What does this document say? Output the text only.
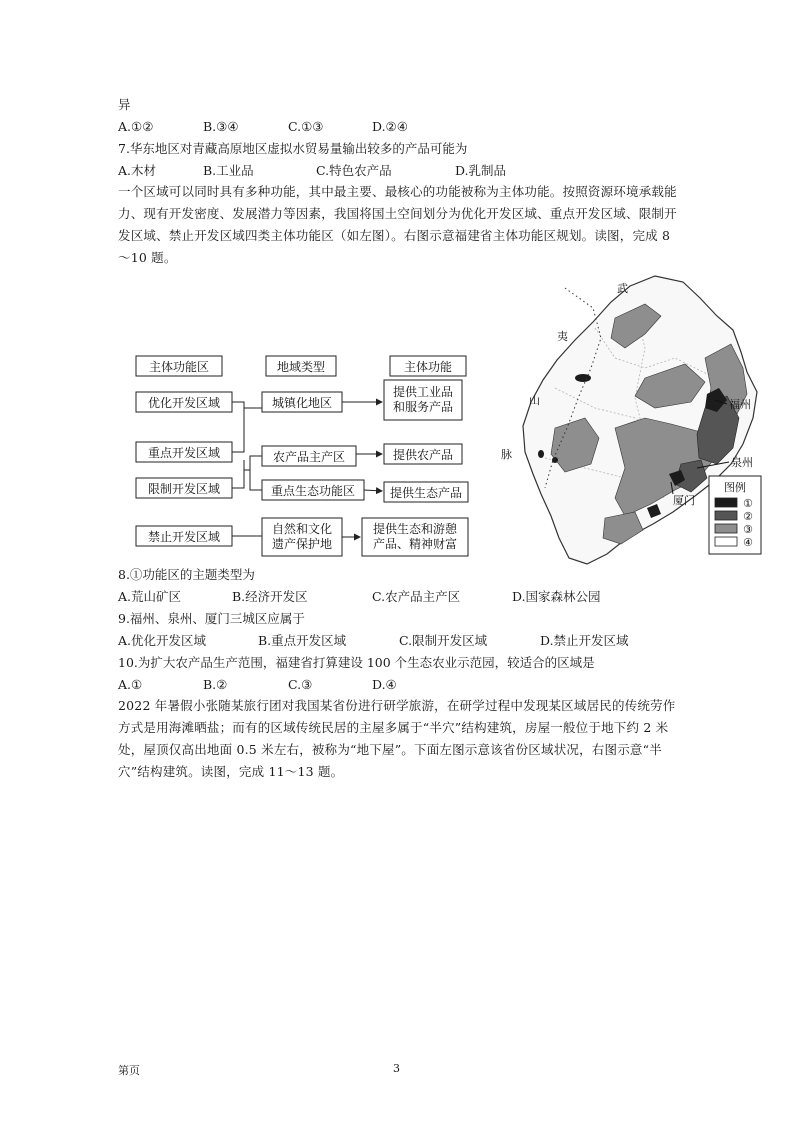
异
A.①②	B.③④	C.①③	D.②④
7.华东地区对青藏高原地区虚拟水贸易量输出较多的产品可能为
A.木材	B.工业品	C.特色农产品	D.乳制品
一个区域可以同时具有多种功能，其中最主要、最核心的功能被称为主体功能。按照资源环境承载能力、现有开发密度、发展潜力等因素，我国将国土空间划分为优化开发区域、重点开发区域、限制开发区域、禁止开发区域四类主体功能区（如左图）。右图示意福建省主体功能区规划。读图，完成 8～10 题。
主体功能区	地域类型	主体功能
优化开发区域
重点开发区域
限制开发区域
禁止开发区域
城镇化地区
农产品主产区
重点生态功能区
自然和文化遗产保护地
提供工业品和服务产品
提供农产品
提供生态产品
提供生态和游憩产品、精神财富
武
夷
山
脉
福州
泉州
厦门
图例
①
②
③
④
8.①功能区的主题类型为
A.荒山矿区	B.经济开发区	C.农产品主产区	D.国家森林公园
9.福州、泉州、厦门三城区应属于
A.优化开发区域	B.重点开发区域	C.限制开发区域	D.禁止开发区域
10.为扩大农产品生产范围，福建省打算建设 100 个生态农业示范园，较适合的区域是
A.①	B.②	C.③	D.④
2022 年暑假小张随某旅行团对我国某省份进行研学旅游，在研学过程中发现某区域居民的传统劳作方式是用海滩晒盐；而有的区域传统民居的主屋多属于“半穴”结构建筑，房屋一般位于地下约 2 米处，屋顶仅高出地面 0.5 米左右，被称为“地下屋”。下面左图示意该省份区域状况，右图示意“半穴”结构建筑。读图，完成 11～13 题。
第页	3
